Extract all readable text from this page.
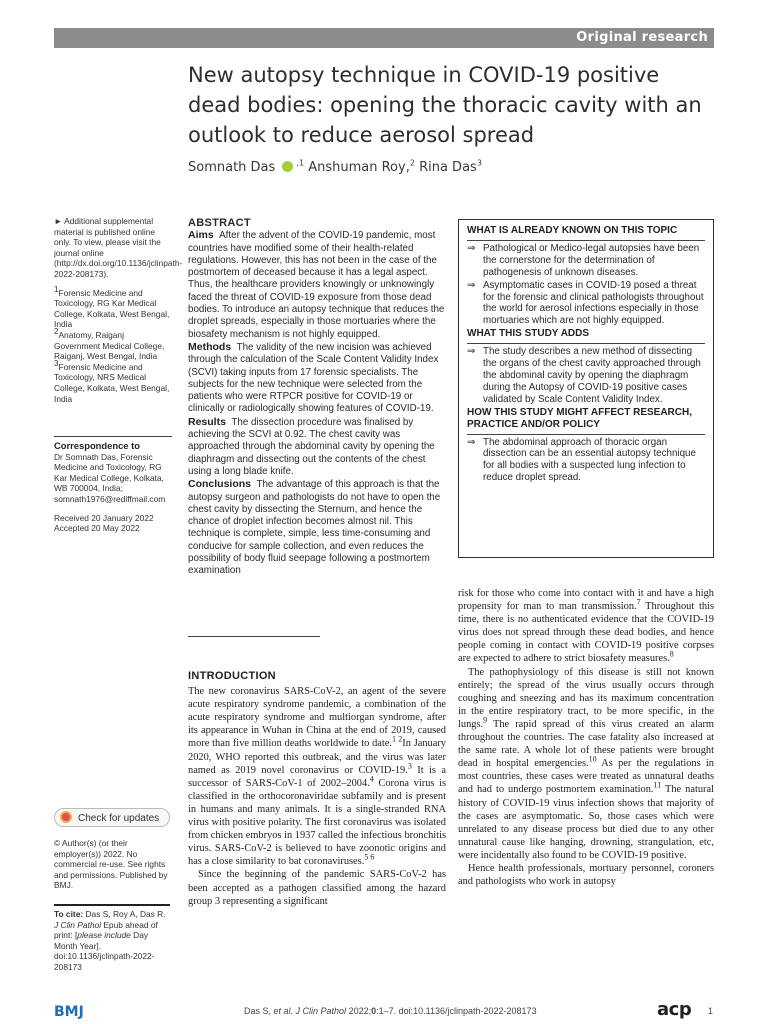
Original research
New autopsy technique in COVID-19 positive dead bodies: opening the thoracic cavity with an outlook to reduce aerosol spread
Somnath Das	$^{,1}$ Anshuman Roy,$^2$ Rina Das$^3$

► Additional supplemental material is published online only. To view, please visit the journal online (http://dx.doi.org/10.1136/jclinpath-2022-208173).

$^1$Forensic Medicine and Toxicology, RG Kar Medical College, Kolkata, West Bengal, India

$^2$Anatomy, Raiganj Government Medical College, Raiganj, West Bengal, India

$^3$Forensic Medicine and Toxicology, NRS Medical College, Kolkata, West Bengal, India

Correspondence to

Dr Somnath Das, Forensic Medicine and Toxicology, RG Kar Medical College, Kolkata, WB 700004, India; somnath1976@rediffmail.com

Received 20 January 2022
Accepted 20 May 2022

Check for updates

© Author(s) (or their employer(s)) 2022. No commercial re-use. See rights and permissions. Published by BMJ.

To cite: Das S, Roy A, Das R. J Clin Pathol Epub ahead of print: [please include Day Month Year]. doi:10.1136/jclinpath-2022-208173
ABSTRACT

Aims After the advent of the COVID-19 pandemic, most countries have modified some of their health-related regulations. However, this has not been in the case of the postmortem of deceased because it has a legal aspect. Thus, the healthcare providers knowingly or unknowingly faced the threat of COVID-19 exposure from those dead bodies. To introduce an autopsy technique that reduces the droplet spreads, especially in those mortuaries where the biosafety mechanism is not highly equipped.

Methods The validity of the new incision was achieved through the calculation of the Scale Content Validity Index (SCVI) taking inputs from 17 forensic specialists. The subjects for the new technique were selected from the patients who were RTPCR positive for COVID-19 or clinically or radiologically showing features of COVID-19.

Results The dissection procedure was finalised by achieving the SCVI at 0.92. The chest cavity was approached through the abdominal cavity by opening the diaphragm and dissecting out the contents of the chest using a long blade knife.

Conclusions The advantage of this approach is that the autopsy surgeon and pathologists do not have to open the chest cavity by dissecting the Sternum, and hence the chance of droplet infection becomes almost nil. This technique is complete, simple, less time-consuming and conducive for sample collection, and even reduces the possibility of body fluid seepage following a postmortem examination

WHAT IS ALREADY KNOWN ON THIS TOPIC
⇒ Pathological or Medico-legal autopsies have been the cornerstone for the determination of pathogenesis of unknown diseases.
⇒ Asymptomatic cases in COVID-19 posed a threat for the forensic and clinical pathologists throughout the world for aerosol infections especially in those mortuaries which are not highly equipped.
WHAT THIS STUDY ADDS
⇒ The study describes a new method of dissecting the organs of the chest cavity approached through the abdominal cavity by opening the diaphragm during the Autopsy of COVID-19 positive cases validated by Scale Content Validity Index.
HOW THIS STUDY MIGHT AFFECT RESEARCH, PRACTICE AND/OR POLICY
⇒ The abdominal approach of thoracic organ dissection can be an essential autopsy technique for all bodies with a suspected lung infection to reduce droplet spread.
INTRODUCTION

The new coronavirus SARS-CoV-2, an agent of the severe acute respiratory syndrome pandemic, a combination of the acute respiratory syndrome and multiorgan syndrome, after its appearance in Wuhan in China at the end of 2019, caused more than five million deaths worldwide to date.$^{1 2}$In January 2020, WHO reported this outbreak, and the virus was later named as 2019 novel coronavirus or COVID-19.$^3$ It is a successor of SARS-CoV-1 of 2002–2004.$^4$ Corona virus is classified in the orthocoronaviridae subfamily and is present in humans and many animals. It is a single-stranded RNA virus with positive polarity. The first coronavirus was isolated from chicken embryos in 1937 called the infectious bronchitis virus. SARS-CoV-2 is believed to have zoonotic origins and has a close similarity to bat coronaviruses.$^{5 6}$

Since the beginning of the pandemic SARS-CoV-2 has been accepted as a pathogen classified among the hazard group 3 representing a significant

risk for those who come into contact with it and have a high propensity for man to man transmission.$^7$ Throughout this time, there is no authenticated evidence that the COVID-19 virus does not spread through these dead bodies, and hence people coming in contact with COVID-19 positive corpses are expected to adhere to strict biosafety measures.$^8$

The pathophysiology of this disease is still not known entirely; the spread of the virus usually occurs through coughing and sneezing and has its maximum concentration in the entire respiratory tract, to be more specific, in the lungs.$^9$ The rapid spread of this virus created an alarm throughout the countries. The case fatality also increased at the same rate. A whole lot of these patients were brought dead in hospital emergencies.$^{10}$ As per the regulations in most countries, these cases were treated as unnatural deaths and had to undergo postmortem examination.$^{11}$ The natural history of COVID-19 virus infection shows that majority of the cases are asymptomatic. So, those cases which were unrelated to any disease process but died due to any other unnatural cause like hanging, drowning, strangulation, etc, were incidentally also found to be COVID-19 positive.

Hence health professionals, mortuary personnel, coroners and pathologists who work in autopsy

BMJ	Das S, et al. J Clin Pathol 2022;0:1–7. doi:10.1136/jclinpath-2022-208173	acp 1
